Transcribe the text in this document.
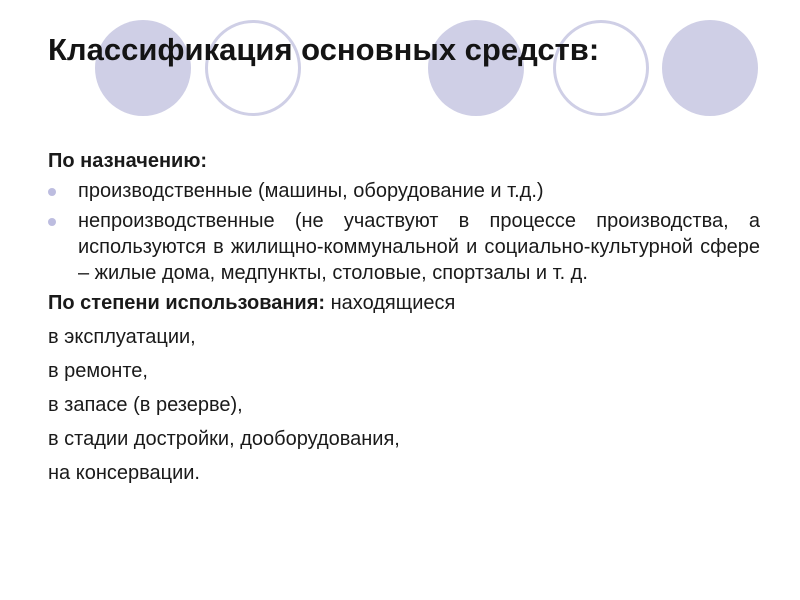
Классификация основных средств:
По назначению:
производственные (машины, оборудование и т.д.)
непроизводственные (не участвуют в процессе производства, а используются в жилищно-коммунальной и социально-культурной сфере – жилые дома, медпункты, столовые, спортзалы и т. д.
По степени использования: находящиеся
в эксплуатации,
в ремонте,
в запасе (в резерве),
в стадии достройки, дооборудования,
на консервации.
